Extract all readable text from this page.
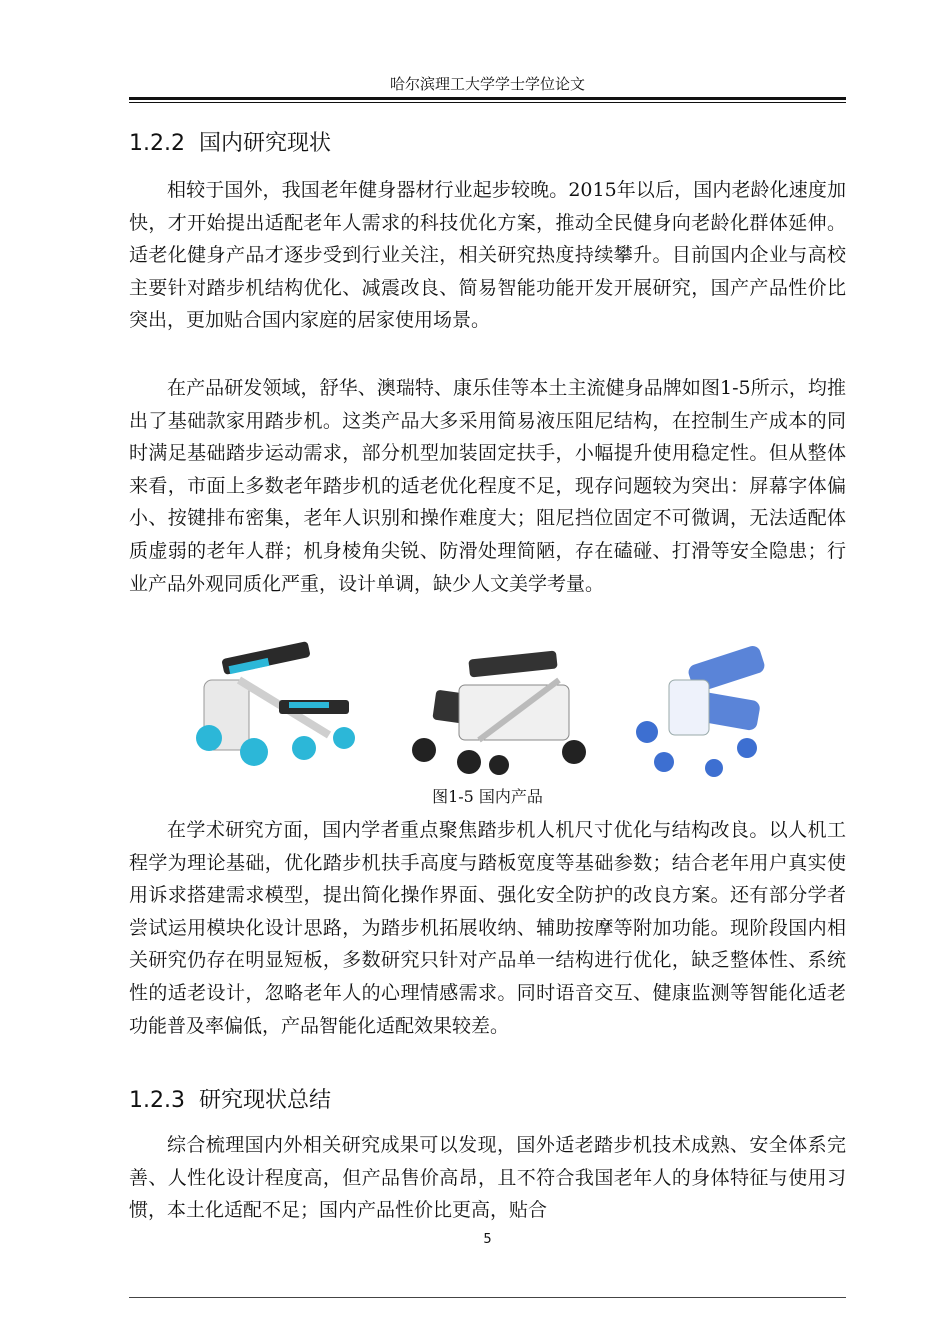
哈尔滨理工大学学士学位论文
1.2.2 国内研究现状

相较于国外，我国老年健身器材行业起步较晚。2015年以后，国内老龄化速度加快，才开始提出适配老年人需求的科技优化方案，推动全民健身向老龄化群体延伸。适老化健身产品才逐步受到行业关注，相关研究热度持续攀升。目前国内企业与高校主要针对踏步机结构优化、减震改良、简易智能功能开发开展研究，国产产品性价比突出，更加贴合国内家庭的居家使用场景。

在产品研发领域，舒华、澳瑞特、康乐佳等本土主流健身品牌如图1-5所示，均推出了基础款家用踏步机。这类产品大多采用简易液压阻尼结构，在控制生产成本的同时满足基础踏步运动需求，部分机型加装固定扶手，小幅提升使用稳定性。但从整体来看，市面上多数老年踏步机的适老优化程度不足，现存问题较为突出：屏幕字体偏小、按键排布密集，老年人识别和操作难度大；阻尼挡位固定不可微调，无法适配体质虚弱的老年人群；机身棱角尖锐、防滑处理简陋，存在磕碰、打滑等安全隐患；行业产品外观同质化严重，设计单调，缺少人文美学考量。

图1-5 国内产品

在学术研究方面，国内学者重点聚焦踏步机人机尺寸优化与结构改良。以人机工程学为理论基础，优化踏步机扶手高度与踏板宽度等基础参数；结合老年用户真实使用诉求搭建需求模型，提出简化操作界面、强化安全防护的改良方案。还有部分学者尝试运用模块化设计思路，为踏步机拓展收纳、辅助按摩等附加功能。现阶段国内相关研究仍存在明显短板，多数研究只针对产品单一结构进行优化，缺乏整体性、系统性的适老设计，忽略老年人的心理情感需求。同时语音交互、健康监测等智能化适老功能普及率偏低，产品智能化适配效果较差。

1.2.3 研究现状总结

综合梳理国内外相关研究成果可以发现，国外适老踏步机技术成熟、安全体系完善、人性化设计程度高，但产品售价高昂，且不符合我国老年人的身体特征与使用习惯，本土化适配不足；国内产品性价比更高，贴合

5
